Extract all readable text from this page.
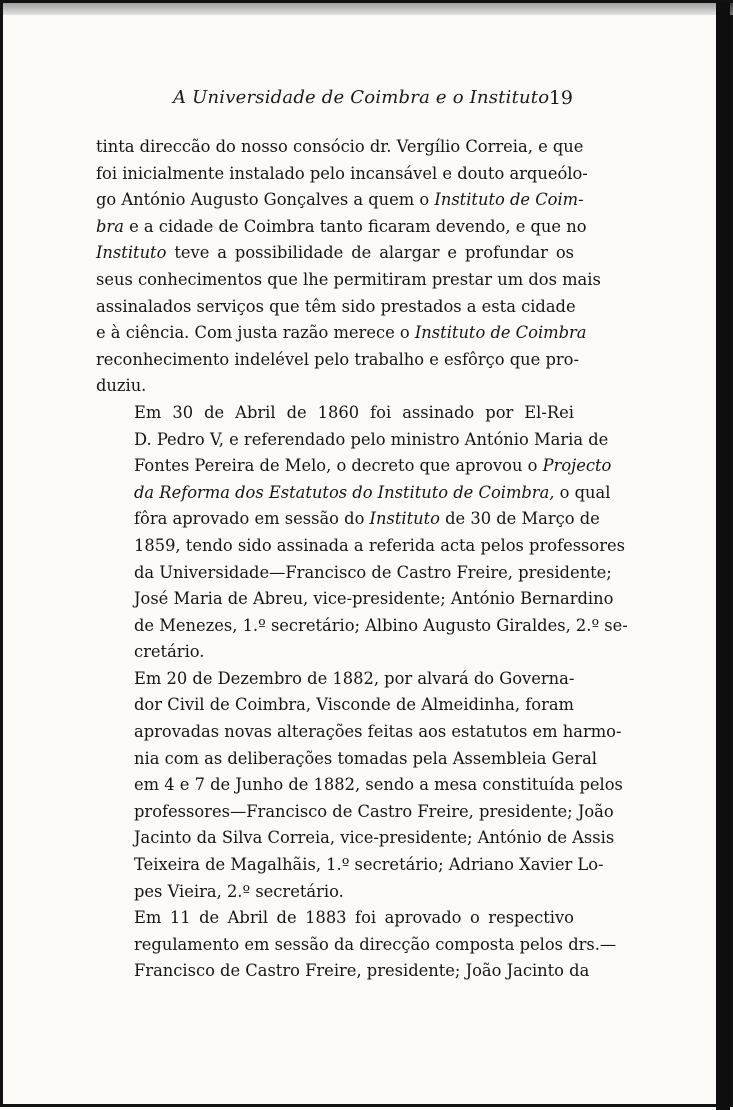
A Universidade de Coimbra e o Instituto 19
tinta direccão do nosso consócio dr. Vergílio Correia, e que
foi inicialmente instalado pelo incansável e douto arqueólo-
go António Augusto Gonçalves a quem o Instituto de Coim-
bra e a cidade de Coimbra tanto ficaram devendo, e que no
Instituto teve a possibilidade de alargar e profundar os
seus conhecimentos que lhe permitiram prestar um dos mais
assinalados serviços que têm sido prestados a esta cidade
e à ciência. Com justa razão merece o Instituto de Coimbra
reconhecimento indelével pelo trabalho e esfôrço que pro-
duziu.
Em 30 de Abril de 1860 foi assinado por El-Rei
D. Pedro V, e referendado pelo ministro António Maria de
Fontes Pereira de Melo, o decreto que aprovou o Projecto
da Reforma dos Estatutos do Instituto de Coimbra, o qual
fôra aprovado em sessão do Instituto de 30 de Março de
1859, tendo sido assinada a referida acta pelos professores
da Universidade—Francisco de Castro Freire, presidente;
José Maria de Abreu, vice-presidente; António Bernardino
de Menezes, 1.º secretário; Albino Augusto Giraldes, 2.º se-
cretário.
Em 20 de Dezembro de 1882, por alvará do Governa-
dor Civil de Coimbra, Visconde de Almeidinha, foram
aprovadas novas alterações feitas aos estatutos em harmo-
nia com as deliberações tomadas pela Assembleia Geral
em 4 e 7 de Junho de 1882, sendo a mesa constituída pelos
professores—Francisco de Castro Freire, presidente; João
Jacinto da Silva Correia, vice-presidente; António de Assis
Teixeira de Magalhãis, 1.º secretário; Adriano Xavier Lo-
pes Vieira, 2.º secretário.
Em 11 de Abril de 1883 foi aprovado o respectivo
regulamento em sessão da direcção composta pelos drs.—
Francisco de Castro Freire, presidente; João Jacinto da
